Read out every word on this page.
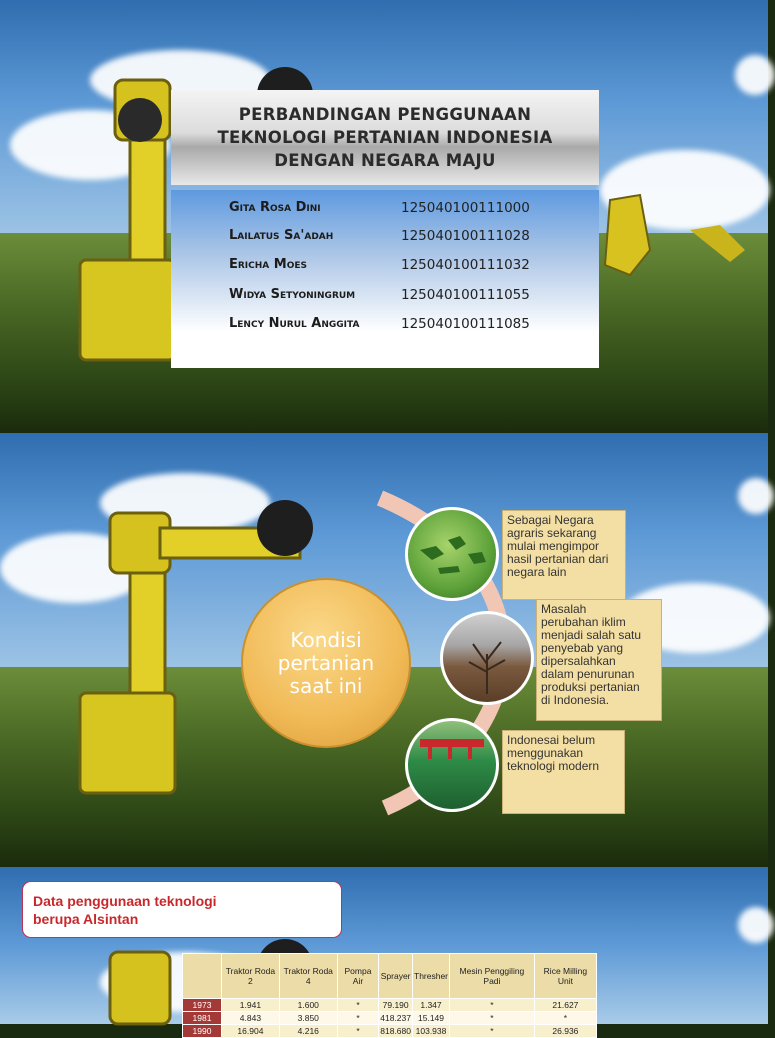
PERBANDINGAN PENGGUNAAN
TEKNOLOGI PERTANIAN INDONESIA
DENGAN NEGARA MAJU
Gita Rosa Dini	125040100111000
Lailatus Sa'adah	125040100111028
Ericha Moes	125040100111032
Widya Setyoningrum	125040100111055
Lency Nurul Anggita	125040100111085
Kondisi
pertanian
saat ini
Sebagai Negara
agraris sekarang
mulai mengimpor
hasil pertanian dari
negara lain
Masalah
perubahan iklim
menjadi salah satu
penyebab yang
dipersalahkan
dalam penurunan
produksi pertanian
di Indonesia.
Indonesai belum
menggunakan
teknologi modern
Data penggunaan teknologi
berupa Alsintan
	Traktor Roda 2	Traktor Roda 4	Pompa Air	Sprayer	Thresher	Mesin Penggiling Padi	Rice Milling Unit
1973	1.941	1.600	*	79.190	1.347	*	21.627
1981	4.843	3.850	*	418.237	15.149	*	*
1990	16.904	4.216	*	818.680	103.938	*	26.936
